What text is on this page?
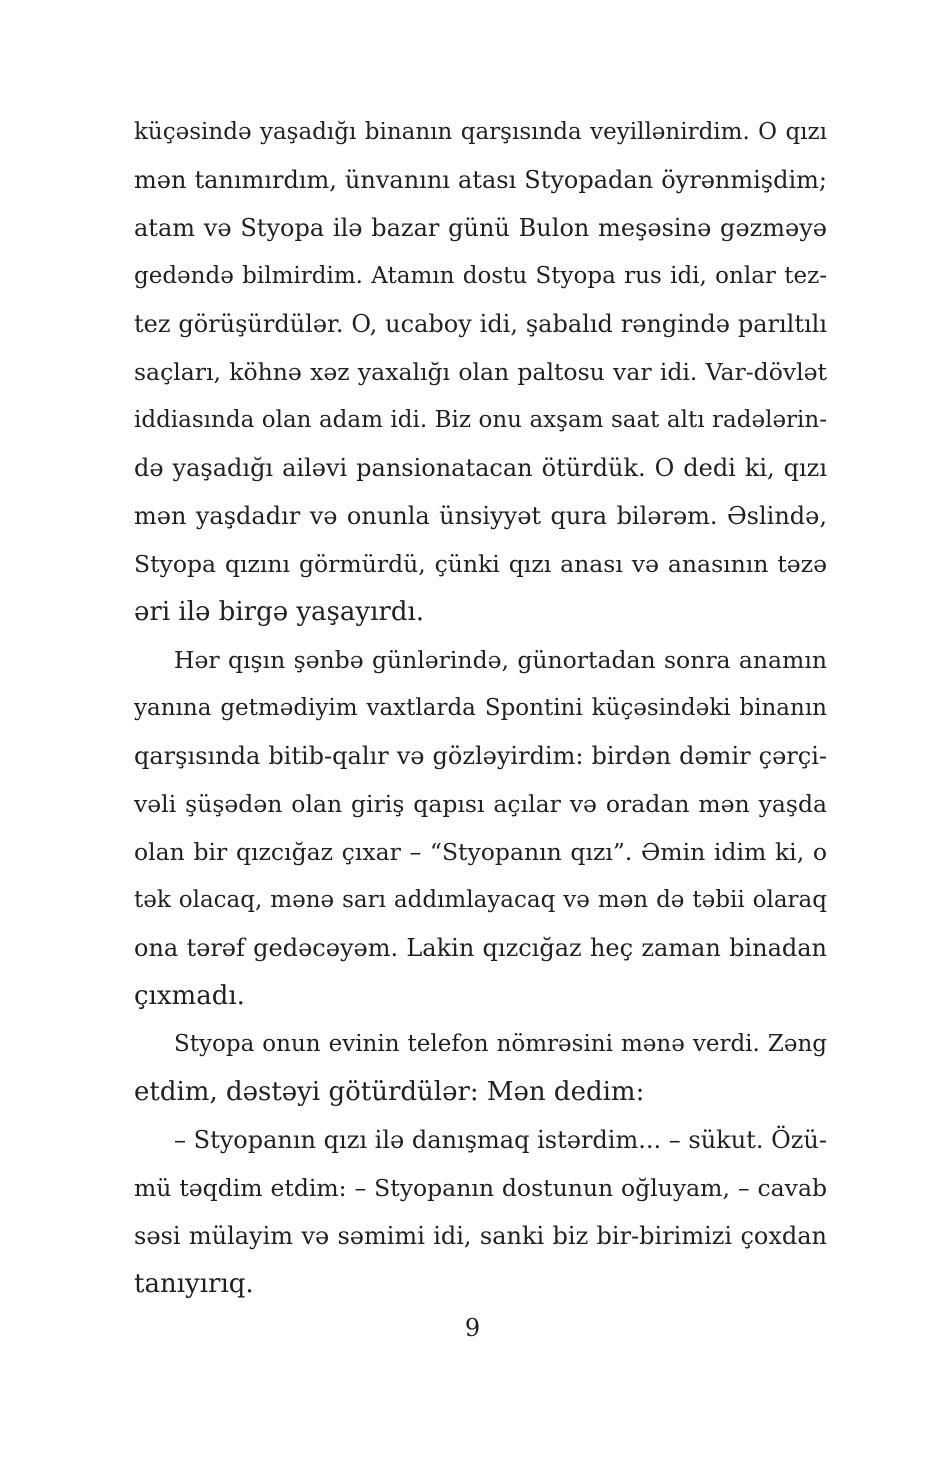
küçəsində yaşadığı binanın qarşısında veyillənirdim. O qızı
mən tanımırdım, ünvanını atası Styopadan öyrənmişdim;
atam və Styopa ilə bazar günü Bulon meşəsinə gəzməyə
gedəndə bilmirdim. Atamın dostu Styopa rus idi, onlar tez-
tez görüşürdülər. O, ucaboy idi, şabalıd rəngində parıltılı
saçları, köhnə xəz yaxalığı olan paltosu var idi. Var-dövlət
iddiasında olan adam idi. Biz onu axşam saat altı radələrin-
də yaşadığı ailəvi pansionatacan ötürdük. O dedi ki, qızı
mən yaşdadır və onunla ünsiyyət qura bilərəm. Əslində,
Styopa qızını görmürdü, çünki qızı anası və anasının təzə
əri ilə birgə yaşayırdı.
Hər qışın şənbə günlərində, günortadan sonra anamın
yanına getmədiyim vaxtlarda Spontini küçəsindəki binanın
qarşısında bitib-qalır və gözləyirdim: birdən dəmir çərçi-
vəli şüşədən olan giriş qapısı açılar və oradan mən yaşda
olan bir qızcığaz çıxar – “Styopanın qızı”. Əmin idim ki, o
tək olacaq, mənə sarı addımlayacaq və mən də təbii olaraq
ona tərəf gedəcəyəm. Lakin qızcığaz heç zaman binadan
çıxmadı.
Styopa onun evinin telefon nömrəsini mənə verdi. Zəng
etdim, dəstəyi götürdülər: Mən dedim:
– Styopanın qızı ilə danışmaq istərdim... – sükut. Özü-
mü təqdim etdim: – Styopanın dostunun oğluyam, – cavab
səsi mülayim və səmimi idi, sanki biz bir-birimizi çoxdan
tanıyırıq.
9
